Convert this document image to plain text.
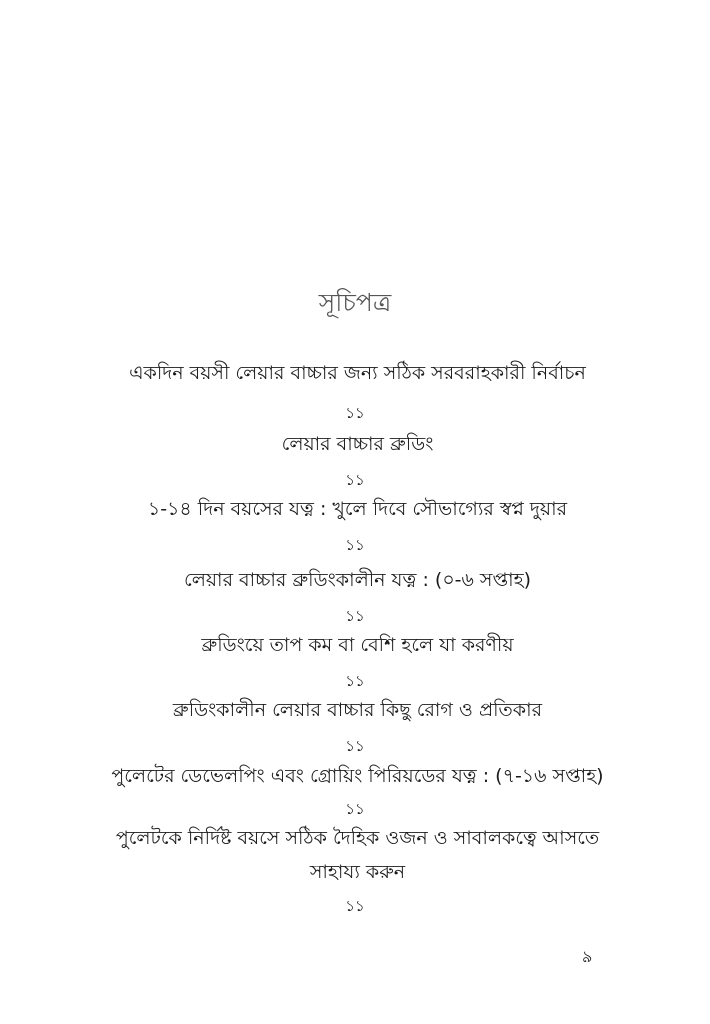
সূচিপত্র
একদিন বয়সী লেয়ার বাচ্চার জন্য সঠিক সরবরাহকারী নির্বাচন
১১
লেয়ার বাচ্চার ব্রুডিং
১১
১-১৪ দিন বয়সের যত্ন : খুলে দিবে সৌভাগ্যের স্বপ্ন দুয়ার
১১
লেয়ার বাচ্চার ব্রুডিংকালীন যত্ন : (০-৬ সপ্তাহ)
১১
ব্রুডিংয়ে তাপ কম বা বেশি হলে যা করণীয়
১১
ব্রুডিংকালীন লেয়ার বাচ্চার কিছু রোগ ও প্রতিকার
১১
পুলেটের ডেভেলপিং এবং গ্রোয়িং পিরিয়ডের যত্ন : (৭-১৬ সপ্তাহ)
১১
পুলেটকে নির্দিষ্ট বয়সে সঠিক দৈহিক ওজন ও সাবালকত্বে আসতে সাহায্য করুন
১১
৯
